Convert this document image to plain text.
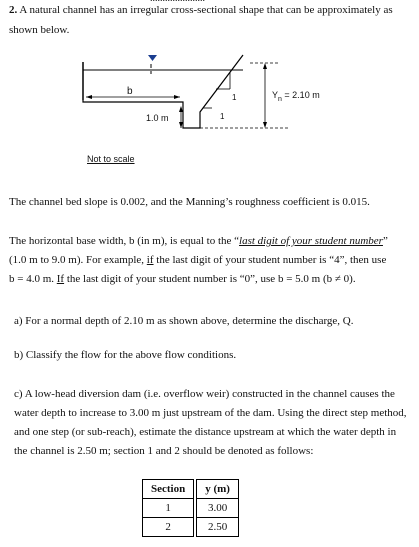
2. A natural channel has an irregular cross-sectional shape that can be approximately as
shown below.
b
1
1
1.0 m
$Y_n = 2.10$ m
Not to scale
The channel bed slope is 0.002, and the Manning’s roughness coefficient is 0.015.
The horizontal base width, b (in m), is equal to the “last digit of your student number”
(1.0 m to 9.0 m). For example, if the last digit of your student number is “4”, then use
b = 4.0 m. If the last digit of your student number is “0”, use b = 5.0 m (b ≠ 0).
a) For a normal depth of 2.10 m as shown above, determine the discharge, Q.
b) Classify the flow for the above flow conditions.
c) A low-head diversion dam (i.e. overflow weir) constructed in the channel causes the
water depth to increase to 3.00 m just upstream of the dam. Using the direct step method,
and one step (or sub-reach), estimate the distance upstream at which the water depth in
the channel is 2.50 m; section 1 and 2 should be denoted as follows:
Section		y (m)
1		3.00
2		2.50
